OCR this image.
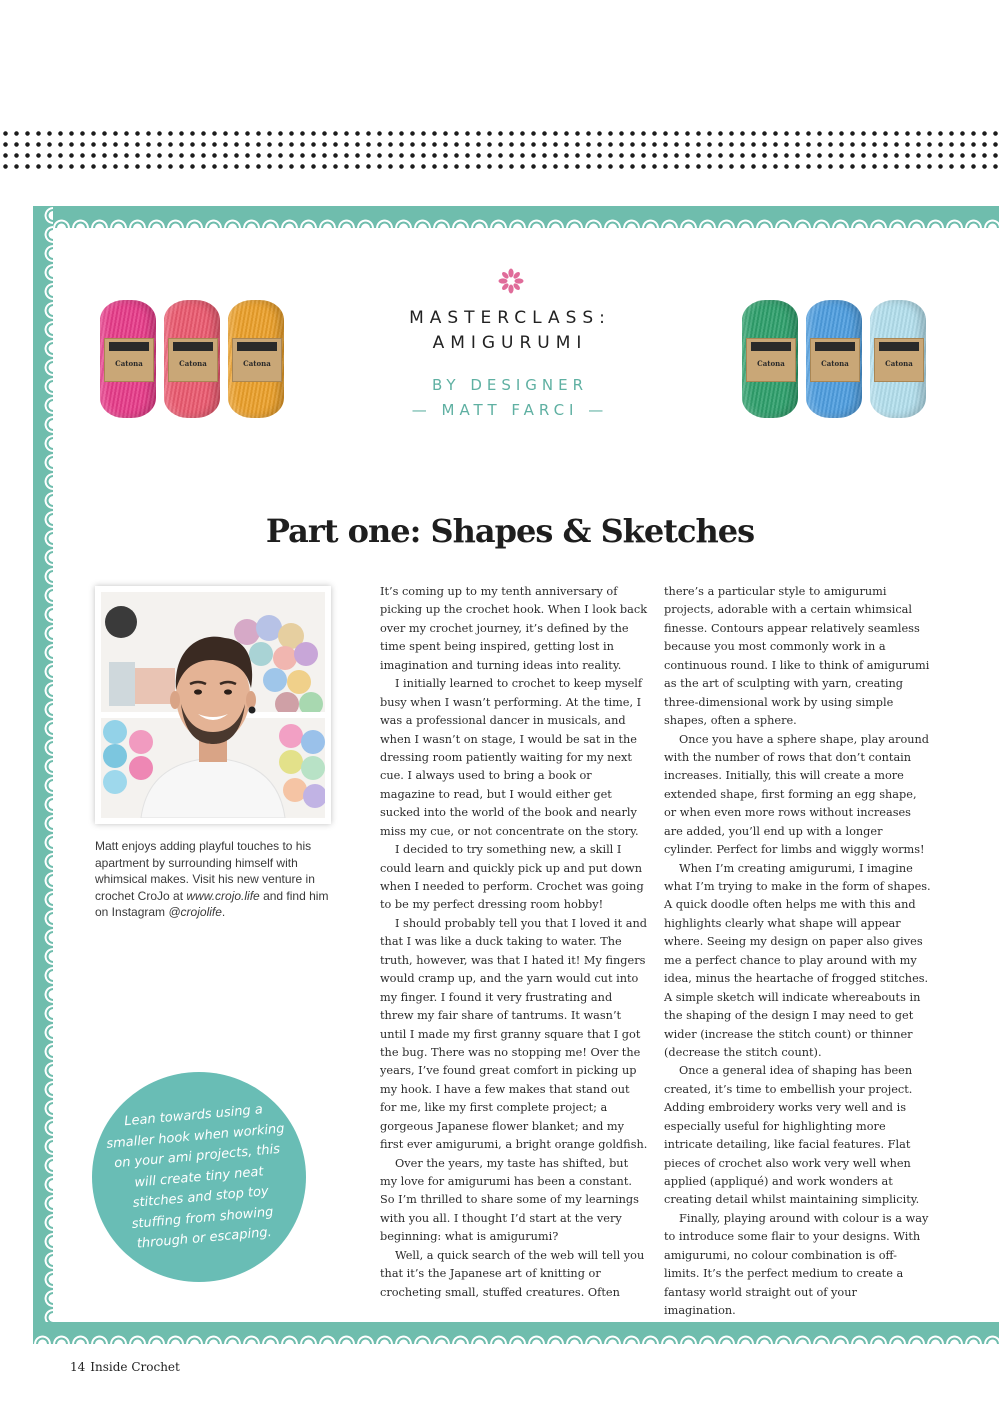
MASTERCLASS:
AMIGURUMI
BY DESIGNER
— MATT FARCI —
Catona	Catona	Catona	Catona	Catona	Catona
Part one: Shapes & Sketches
Matt enjoys adding playful touches to his apartment by surrounding himself with whimsical makes. Visit his new venture in crochet CroJo at www.crojo.life and find him on Instagram @crojolife.
Lean towards using a smaller hook when working on your ami projects, this will create tiny neat stitches and stop toy stuffing from showing through or escaping.

It’s coming up to my tenth anniversary of picking up the crochet hook. When I look back over my crochet journey, it’s defined by the time spent being inspired, getting lost in imagination and turning ideas into reality.

I initially learned to crochet to keep myself busy when I wasn’t performing. At the time, I was a professional dancer in musicals, and when I wasn’t on stage, I would be sat in the dressing room patiently waiting for my next cue. I always used to bring a book or magazine to read, but I would either get sucked into the world of the book and nearly miss my cue, or not concentrate on the story.

I decided to try something new, a skill I could learn and quickly pick up and put down when I needed to perform. Crochet was going to be my perfect dressing room hobby!

I should probably tell you that I loved it and that I was like a duck taking to water. The truth, however, was that I hated it! My fingers would cramp up, and the yarn would cut into my finger. I found it very frustrating and threw my fair share of tantrums. It wasn’t until I made my first granny square that I got the bug. There was no stopping me! Over the years, I’ve found great comfort in picking up my hook. I have a few makes that stand out for me, like my first complete project; a gorgeous Japanese flower blanket; and my first ever amigurumi, a bright orange goldfish.

Over the years, my taste has shifted, but my love for amigurumi has been a constant. So I’m thrilled to share some of my learnings with you all. I thought I’d start at the very beginning: what is amigurumi?

Well, a quick search of the web will tell you that it’s the Japanese art of knitting or crocheting small, stuffed creatures. Often

there’s a particular style to amigurumi projects, adorable with a certain whimsical finesse. Contours appear relatively seamless because you most commonly work in a continuous round. I like to think of amigurumi as the art of sculpting with yarn, creating three-dimensional work by using simple shapes, often a sphere.

Once you have a sphere shape, play around with the number of rows that don’t contain increases. Initially, this will create a more extended shape, first forming an egg shape, or when even more rows without increases are added, you’ll end up with a longer cylinder. Perfect for limbs and wiggly worms!

When I’m creating amigurumi, I imagine what I’m trying to make in the form of shapes. A quick doodle often helps me with this and highlights clearly what shape will appear where. Seeing my design on paper also gives me a perfect chance to play around with my idea, minus the heartache of frogged stitches. A simple sketch will indicate whereabouts in the shaping of the design I may need to get wider (increase the stitch count) or thinner (decrease the stitch count).

Once a general idea of shaping has been created, it’s time to embellish your project. Adding embroidery works very well and is especially useful for highlighting more intricate detailing, like facial features. Flat pieces of crochet also work very well when applied (appliqué) and work wonders at creating detail whilst maintaining simplicity.

Finally, playing around with colour is a way to introduce some flair to your designs. With amigurumi, no colour combination is off-limits. It’s the perfect medium to create a fantasy world straight out of your imagination.

14 Inside Crochet
